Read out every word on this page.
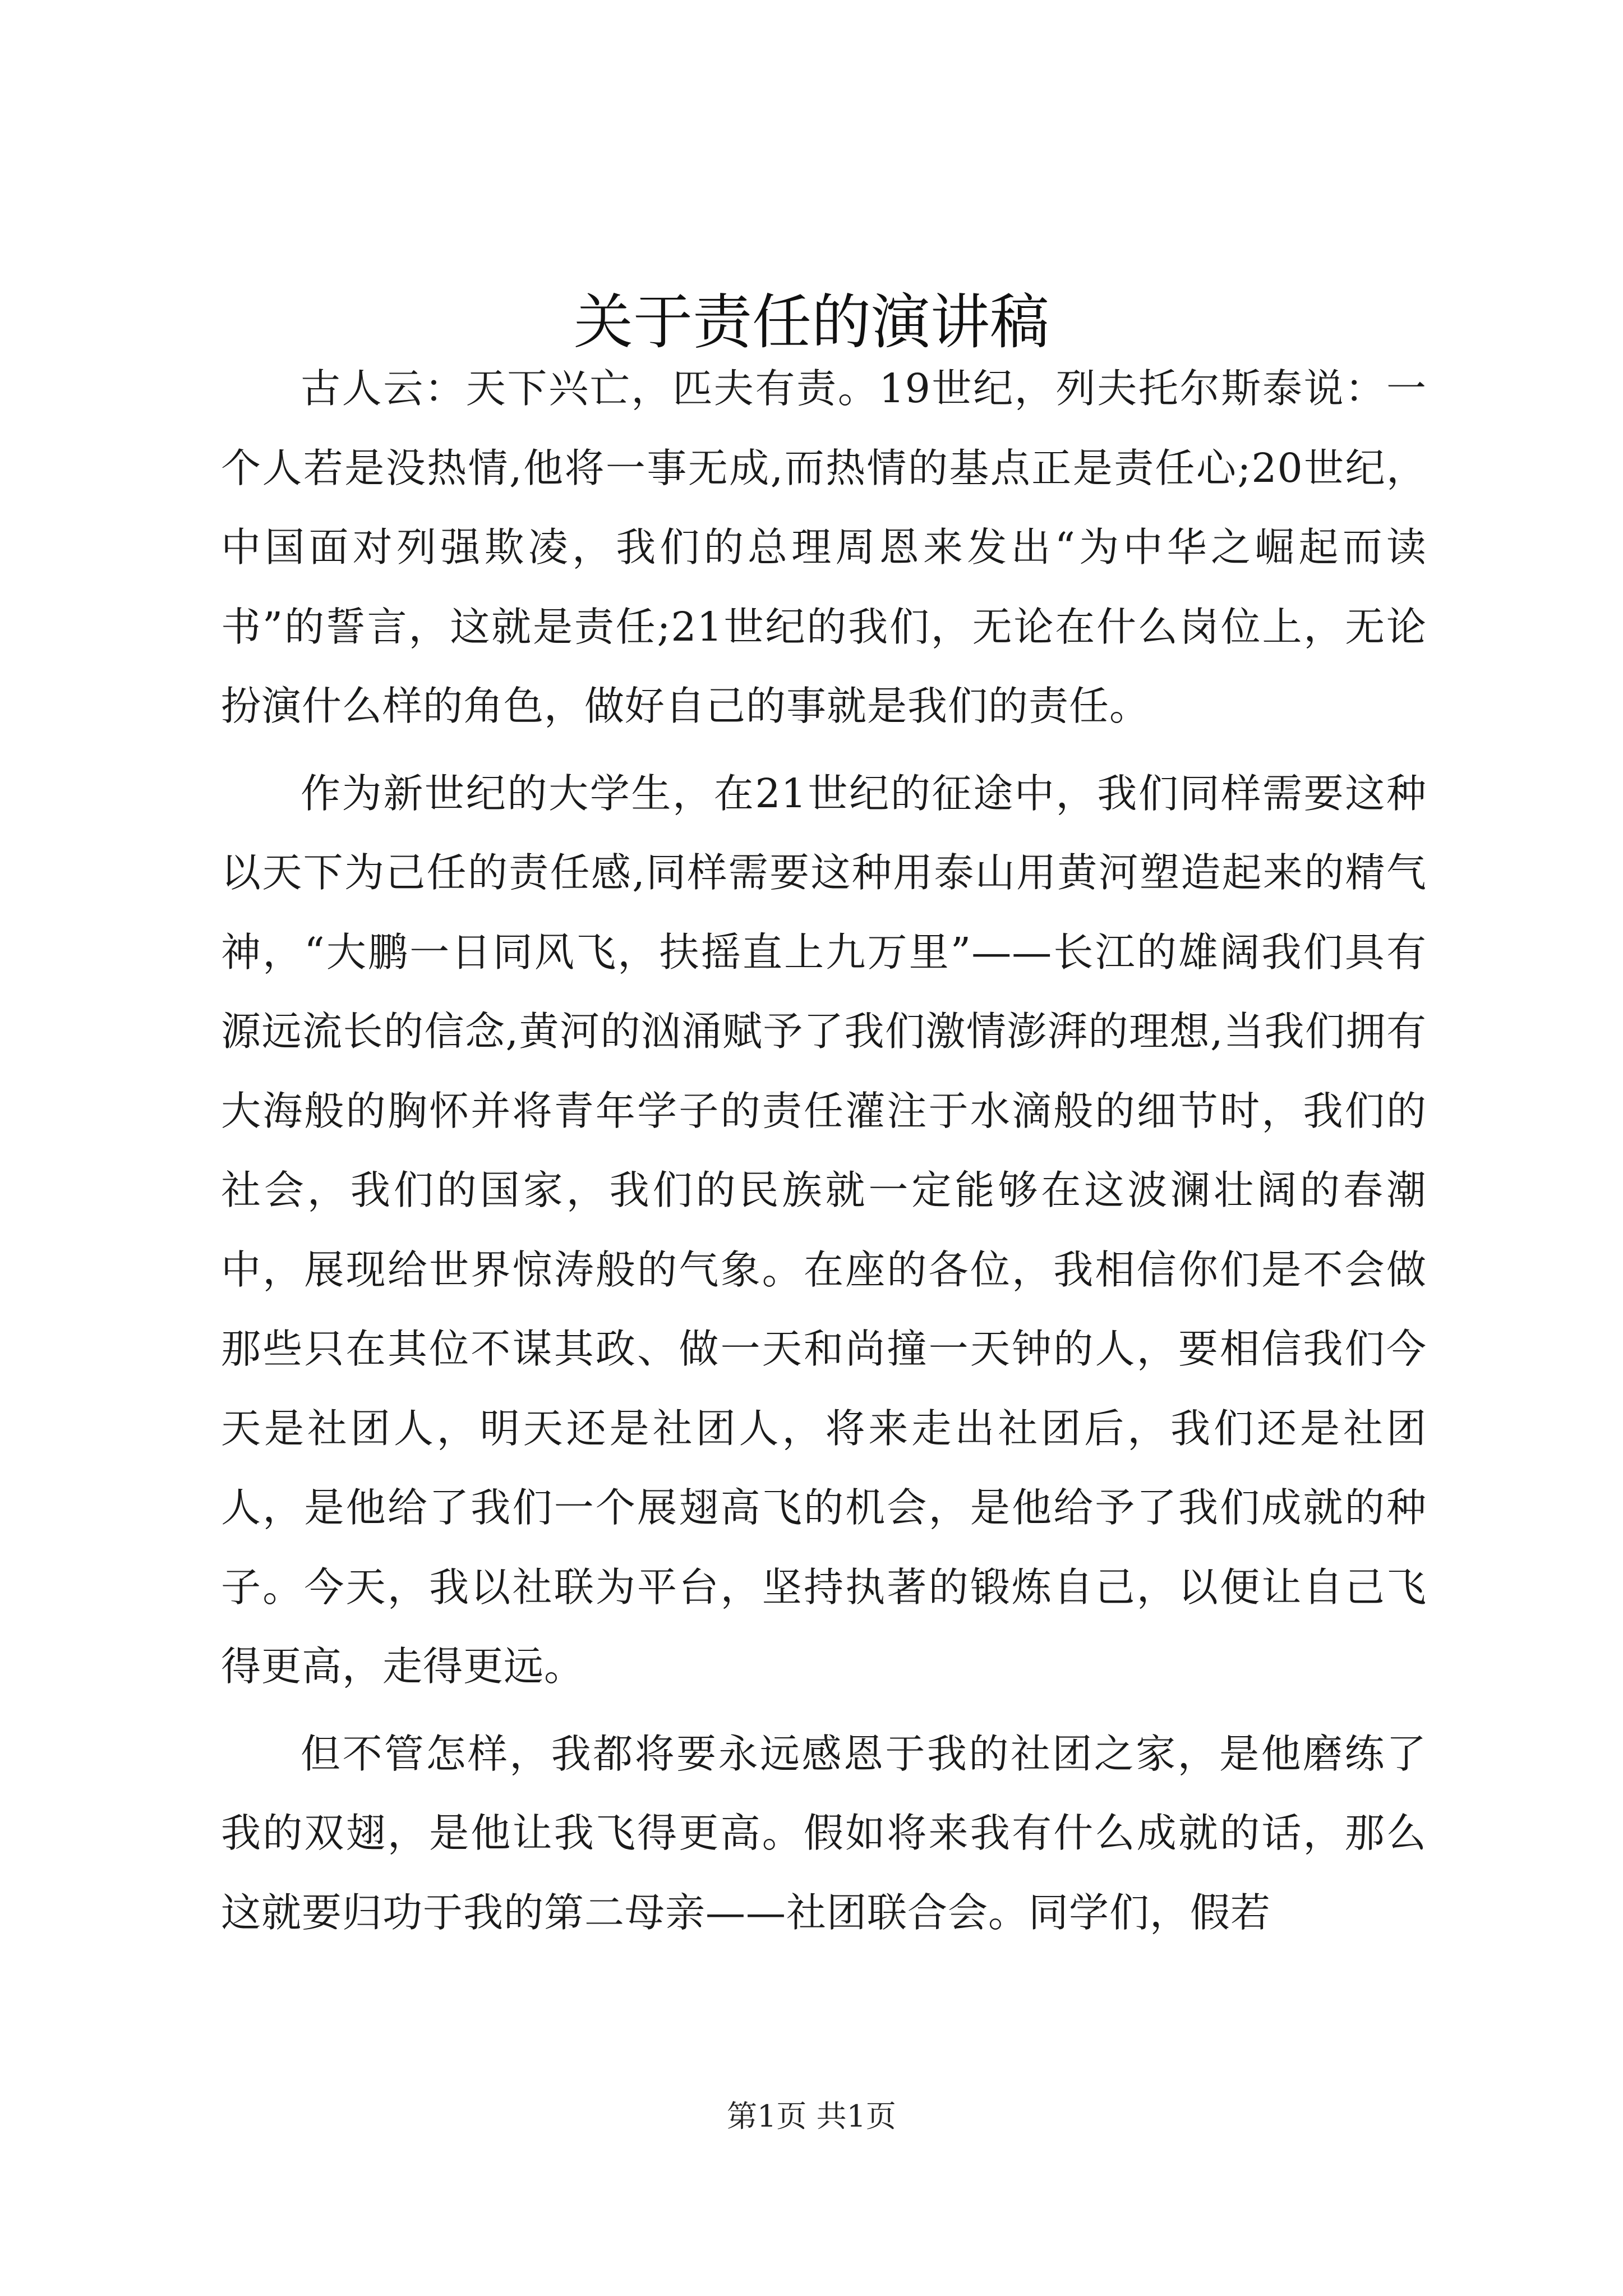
关于责任的演讲稿

古人云：天下兴亡，匹夫有责。19世纪，列夫托尔斯泰说：一个人若是没热情,他将一事无成,而热情的基点正是责任心;20世纪，中国面对列强欺凌，我们的总理周恩来发出“为中华之崛起而读书”的誓言，这就是责任;21世纪的我们，无论在什么岗位上，无论扮演什么样的角色，做好自己的事就是我们的责任。

作为新世纪的大学生，在21世纪的征途中，我们同样需要这种以天下为己任的责任感,同样需要这种用泰山用黄河塑造起来的精气神，“大鹏一日同风飞，扶摇直上九万里”——长江的雄阔我们具有源远流长的信念,黄河的汹涌赋予了我们激情澎湃的理想,当我们拥有大海般的胸怀并将青年学子的责任灌注于水滴般的细节时，我们的社会，我们的国家，我们的民族就一定能够在这波澜壮阔的春潮中，展现给世界惊涛般的气象。在座的各位，我相信你们是不会做那些只在其位不谋其政、做一天和尚撞一天钟的人，要相信我们今天是社团人，明天还是社团人，将来走出社团后，我们还是社团人，是他给了我们一个展翅高飞的机会，是他给予了我们成就的种子。今天，我以社联为平台，坚持执著的锻炼自己，以便让自己飞得更高，走得更远。

但不管怎样，我都将要永远感恩于我的社团之家，是他磨练了我的双翅，是他让我飞得更高。假如将来我有什么成就的话，那么这就要归功于我的第二母亲——社团联合会。同学们，假若

第1页 共1页
